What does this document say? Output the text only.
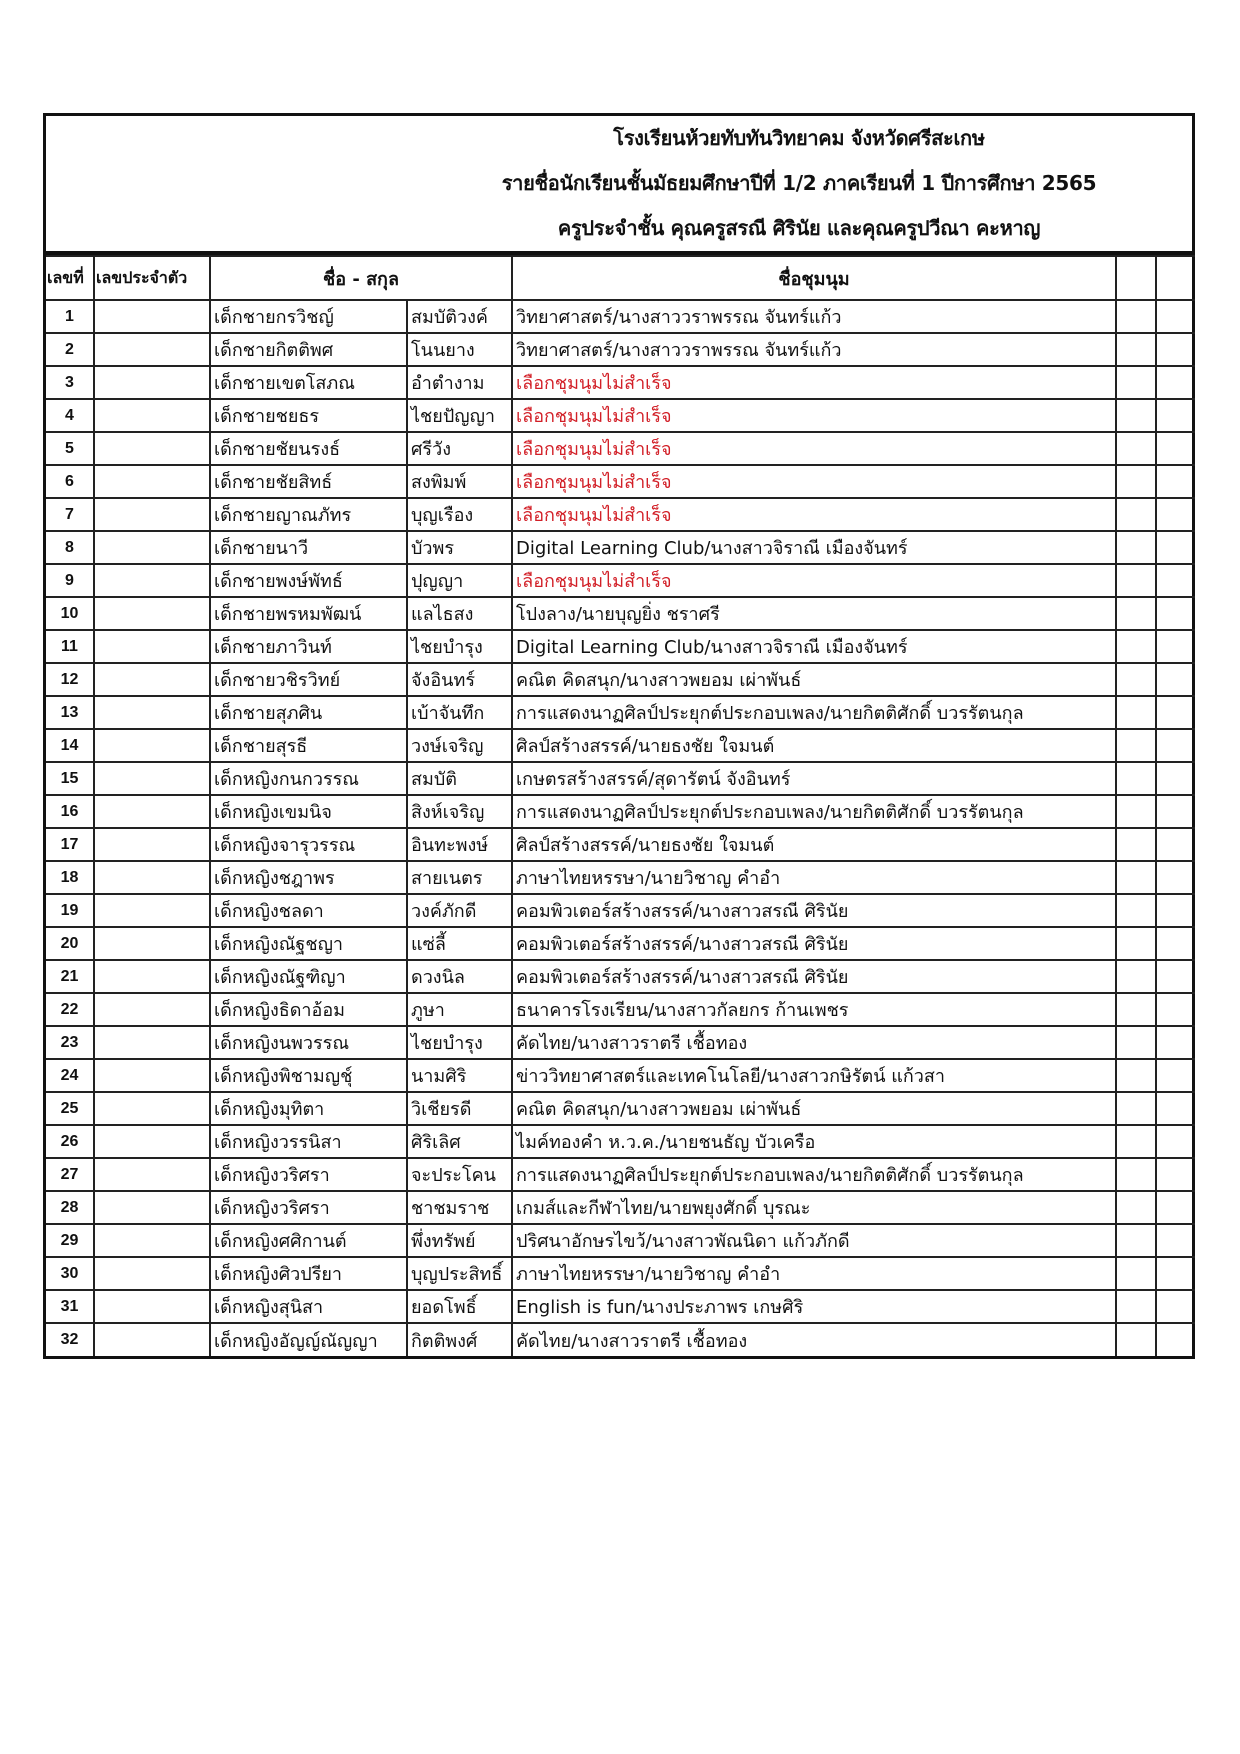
โรงเรียนห้วยทับทันวิทยาคม จังหวัดศรีสะเกษ
รายชื่อนักเรียนชั้นมัธยมศึกษาปีที่ 1/2 ภาคเรียนที่ 1 ปีการศึกษา 2565
ครูประจำชั้น คุณครูสรณี ศิรินัย และคุณครูปวีณา คะหาญ
เลขที่	เลขประจำตัว	ชื่อ - สกุล		ชื่อชุมนุม		
1		เด็กชายกรวิชญ์	สมบัติวงค์	วิทยาศาสตร์/นางสาววราพรรณ จันทร์แก้ว		
2		เด็กชายกิตติพศ	โนนยาง	วิทยาศาสตร์/นางสาววราพรรณ จันทร์แก้ว		
3		เด็กชายเขตโสภณ	อำตำงาม	เลือกชุมนุมไม่สำเร็จ		
4		เด็กชายชยธร	ไชยปัญญา	เลือกชุมนุมไม่สำเร็จ		
5		เด็กชายชัยนรงธ์	ศรีวัง	เลือกชุมนุมไม่สำเร็จ		
6		เด็กชายชัยสิทธ์	สงพิมพ์	เลือกชุมนุมไม่สำเร็จ		
7		เด็กชายญาณภัทร	บุญเรือง	เลือกชุมนุมไม่สำเร็จ		
8		เด็กชายนาวี	บัวพร	Digital Learning Club/นางสาวจิราณี เมืองจันทร์		
9		เด็กชายพงษ์พัทธ์	ปุญญา	เลือกชุมนุมไม่สำเร็จ		
10		เด็กชายพรหมพัฒน์	แลไธสง	โปงลาง/นายบุญยิ่ง ชราศรี		
11		เด็กชายภาวินท์	ไชยบำรุง	Digital Learning Club/นางสาวจิราณี เมืองจันทร์		
12		เด็กชายวชิรวิทย์	จังอินทร์	คณิต คิดสนุก/นางสาวพยอม เผ่าพันธ์		
13		เด็กชายสุภศิน	เบ้าจันทึก	การแสดงนาฏศิลป์ประยุกต์ประกอบเพลง/นายกิตติศักดิ์ บวรรัตนกุล		
14		เด็กชายสุรธี	วงษ์เจริญ	ศิลป์สร้างสรรค์/นายธงชัย ใจมนต์		
15		เด็กหญิงกนกวรรณ	สมบัติ	เกษตรสร้างสรรค์/สุดารัตน์ จังอินทร์		
16		เด็กหญิงเขมนิจ	สิงห์เจริญ	การแสดงนาฏศิลป์ประยุกต์ประกอบเพลง/นายกิตติศักดิ์ บวรรัตนกุล		
17		เด็กหญิงจารุวรรณ	อินทะพงษ์	ศิลป์สร้างสรรค์/นายธงชัย ใจมนต์		
18		เด็กหญิงชฎาพร	สายเนตร	ภาษาไทยหรรษา/นายวิชาญ คำอำ		
19		เด็กหญิงชลดา	วงค์ภักดี	คอมพิวเตอร์สร้างสรรค์/นางสาวสรณี ศิรินัย		
20		เด็กหญิงณัฐชญา	แซ่ลี้	คอมพิวเตอร์สร้างสรรค์/นางสาวสรณี ศิรินัย		
21		เด็กหญิงณัฐฑิญา	ดวงนิล	คอมพิวเตอร์สร้างสรรค์/นางสาวสรณี ศิรินัย		
22		เด็กหญิงธิดาอ้อม	ภูษา	ธนาคารโรงเรียน/นางสาวกัลยกร ก้านเพชร		
23		เด็กหญิงนพวรรณ	ไชยบำรุง	คัดไทย/นางสาวราตรี เชื้อทอง		
24		เด็กหญิงพิชามญชุ์	นามศิริ	ข่าววิทยาศาสตร์และเทคโนโลยี/นางสาวกษิรัตน์ แก้วสา		
25		เด็กหญิงมุทิตา	วิเชียรดี	คณิต คิดสนุก/นางสาวพยอม เผ่าพันธ์		
26		เด็กหญิงวรรนิสา	ศิริเลิศ	ไมค์ทองคำ ห.ว.ค./นายชนธัญ บัวเครือ		
27		เด็กหญิงวริศรา	จะประโคน	การแสดงนาฏศิลป์ประยุกต์ประกอบเพลง/นายกิตติศักดิ์ บวรรัตนกุล		
28		เด็กหญิงวริศรา	ชาชมราช	เกมส์และกีฬาไทย/นายพยุงศักดิ์ บุรณะ		
29		เด็กหญิงศศิกานต์	พึ่งทรัพย์	ปริศนาอักษรไขว้/นางสาวพัณนิดา แก้วภักดี		
30		เด็กหญิงศิวปรียา	บุญประสิทธิ์	ภาษาไทยหรรษา/นายวิชาญ คำอำ		
31		เด็กหญิงสุนิสา	ยอดโพธิ์	English is fun/นางประภาพร เกษศิริ		
32		เด็กหญิงอัญญ์ณัญญา	กิตติพงศ์	คัดไทย/นางสาวราตรี เชื้อทอง		
